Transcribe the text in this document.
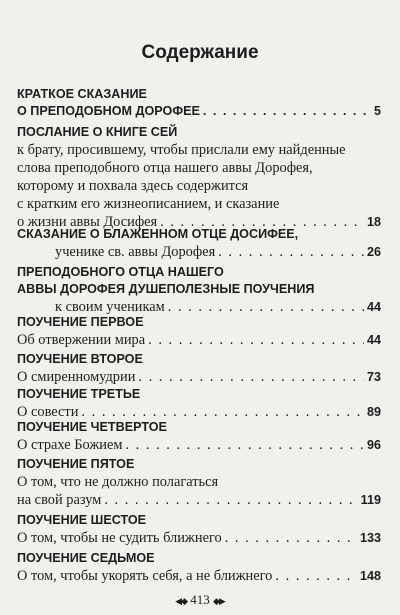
Содержание
КРАТКОЕ СКАЗАНИЕ
О ПРЕПОДОБНОМ ДОРОФЕЕ . . .	5
ПОСЛАНИЕ О КНИГЕ СЕЙ
к брату, просившему, чтобы прислали ему найденные
слова преподобного отца нашего аввы Дорофея,
которому и похвала здесь содержится
с кратким его жизнеописанием, и сказание
о жизни аввы Досифея . . .	18
СКАЗАНИЕ О БЛАЖЕННОМ ОТЦЕ ДОСИФЕЕ,
ученике св. аввы Дорофея . . .	26
ПРЕПОДОБНОГО ОТЦА НАШЕГО
АВВЫ ДОРОФЕЯ ДУШЕПОЛЕЗНЫЕ ПОУЧЕНИЯ
к своим ученикам . . .	44
ПОУЧЕНИЕ ПЕРВОЕ
Об отвержении мира . . .	44
ПОУЧЕНИЕ ВТОРОЕ
О смиренномудрии . . .	73
ПОУЧЕНИЕ ТРЕТЬЕ
О совести . . .	89
ПОУЧЕНИЕ ЧЕТВЕРТОЕ
О страхе Божием . . .	96
ПОУЧЕНИЕ ПЯТОЕ
О том, что не должно полагаться
на свой разум . . .	119
ПОУЧЕНИЕ ШЕСТОЕ
О том, чтобы не судить ближнего . . .	133
ПОУЧЕНИЕ СЕДЬМОЕ
О том, чтобы укорять себя, а не ближнего . . .	148
◀◆ 413 ◆▶
